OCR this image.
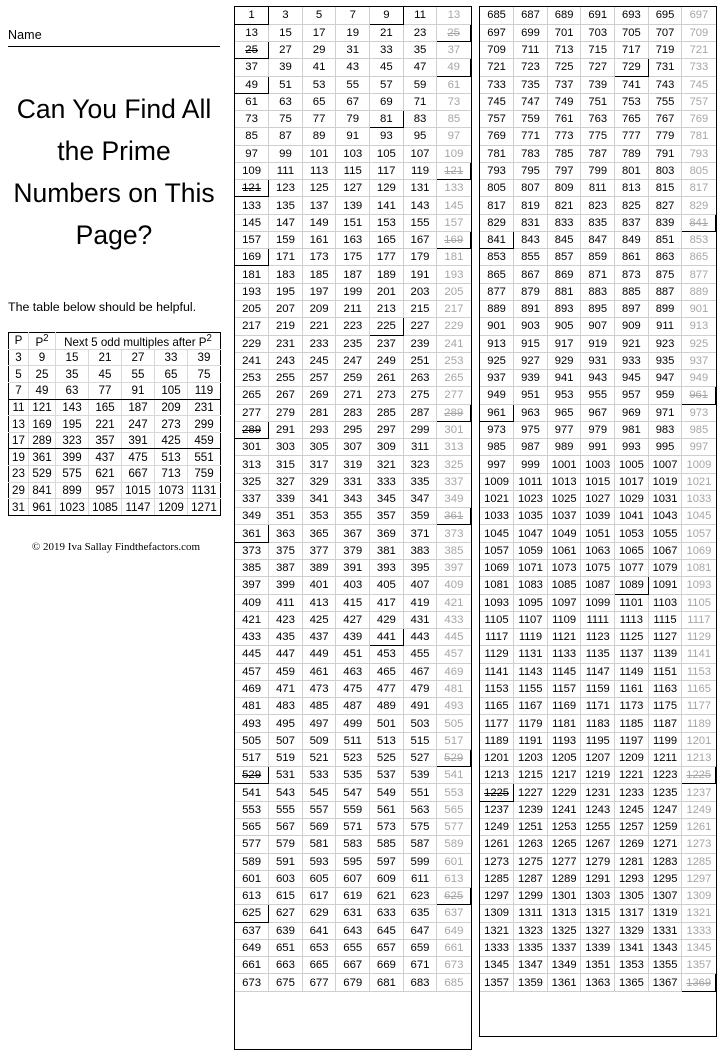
Name
Can You Find All the Prime Numbers on This Page?
The table below should be helpful.
P	$P^2$	Next 5 odd multiples after $P^2$
3	9	15	21	27	33	39
5	25	35	45	55	65	75
7	49	63	77	91	105	119
11	121	143	165	187	209	231
13	169	195	221	247	273	299
17	289	323	357	391	425	459
19	361	399	437	475	513	551
23	529	575	621	667	713	759
29	841	899	957	1015	1073	1131
31	961	1023	1085	1147	1209	1271
© 2019 Iva Sallay Findthefactors.com
1	3	5	7	9	11	13
13	15	17	19	21	23	25
25	27	29	31	33	35	37
37	39	41	43	45	47	49
49	51	53	55	57	59	61
61	63	65	67	69	71	73
73	75	77	79	81	83	85
85	87	89	91	93	95	97
97	99	101	103	105	107	109
109	111	113	115	117	119	121
121	123	125	127	129	131	133
133	135	137	139	141	143	145
145	147	149	151	153	155	157
157	159	161	163	165	167	169
169	171	173	175	177	179	181
181	183	185	187	189	191	193
193	195	197	199	201	203	205
205	207	209	211	213	215	217
217	219	221	223	225	227	229
229	231	233	235	237	239	241
241	243	245	247	249	251	253
253	255	257	259	261	263	265
265	267	269	271	273	275	277
277	279	281	283	285	287	289
289	291	293	295	297	299	301
301	303	305	307	309	311	313
313	315	317	319	321	323	325
325	327	329	331	333	335	337
337	339	341	343	345	347	349
349	351	353	355	357	359	361
361	363	365	367	369	371	373
373	375	377	379	381	383	385
385	387	389	391	393	395	397
397	399	401	403	405	407	409
409	411	413	415	417	419	421
421	423	425	427	429	431	433
433	435	437	439	441	443	445
445	447	449	451	453	455	457
457	459	461	463	465	467	469
469	471	473	475	477	479	481
481	483	485	487	489	491	493
493	495	497	499	501	503	505
505	507	509	511	513	515	517
517	519	521	523	525	527	529
529	531	533	535	537	539	541
541	543	545	547	549	551	553
553	555	557	559	561	563	565
565	567	569	571	573	575	577
577	579	581	583	585	587	589
589	591	593	595	597	599	601
601	603	605	607	609	611	613
613	615	617	619	621	623	625
625	627	629	631	633	635	637
637	639	641	643	645	647	649
649	651	653	655	657	659	661
661	663	665	667	669	671	673
673	675	677	679	681	683	685
685	687	689	691	693	695	697
697	699	701	703	705	707	709
709	711	713	715	717	719	721
721	723	725	727	729	731	733
733	735	737	739	741	743	745
745	747	749	751	753	755	757
757	759	761	763	765	767	769
769	771	773	775	777	779	781
781	783	785	787	789	791	793
793	795	797	799	801	803	805
805	807	809	811	813	815	817
817	819	821	823	825	827	829
829	831	833	835	837	839	841
841	843	845	847	849	851	853
853	855	857	859	861	863	865
865	867	869	871	873	875	877
877	879	881	883	885	887	889
889	891	893	895	897	899	901
901	903	905	907	909	911	913
913	915	917	919	921	923	925
925	927	929	931	933	935	937
937	939	941	943	945	947	949
949	951	953	955	957	959	961
961	963	965	967	969	971	973
973	975	977	979	981	983	985
985	987	989	991	993	995	997
997	999	1001	1003	1005	1007	1009
1009	1011	1013	1015	1017	1019	1021
1021	1023	1025	1027	1029	1031	1033
1033	1035	1037	1039	1041	1043	1045
1045	1047	1049	1051	1053	1055	1057
1057	1059	1061	1063	1065	1067	1069
1069	1071	1073	1075	1077	1079	1081
1081	1083	1085	1087	1089	1091	1093
1093	1095	1097	1099	1101	1103	1105
1105	1107	1109	1111	1113	1115	1117
1117	1119	1121	1123	1125	1127	1129
1129	1131	1133	1135	1137	1139	1141
1141	1143	1145	1147	1149	1151	1153
1153	1155	1157	1159	1161	1163	1165
1165	1167	1169	1171	1173	1175	1177
1177	1179	1181	1183	1185	1187	1189
1189	1191	1193	1195	1197	1199	1201
1201	1203	1205	1207	1209	1211	1213
1213	1215	1217	1219	1221	1223	1225
1225	1227	1229	1231	1233	1235	1237
1237	1239	1241	1243	1245	1247	1249
1249	1251	1253	1255	1257	1259	1261
1261	1263	1265	1267	1269	1271	1273
1273	1275	1277	1279	1281	1283	1285
1285	1287	1289	1291	1293	1295	1297
1297	1299	1301	1303	1305	1307	1309
1309	1311	1313	1315	1317	1319	1321
1321	1323	1325	1327	1329	1331	1333
1333	1335	1337	1339	1341	1343	1345
1345	1347	1349	1351	1353	1355	1357
1357	1359	1361	1363	1365	1367	1369
